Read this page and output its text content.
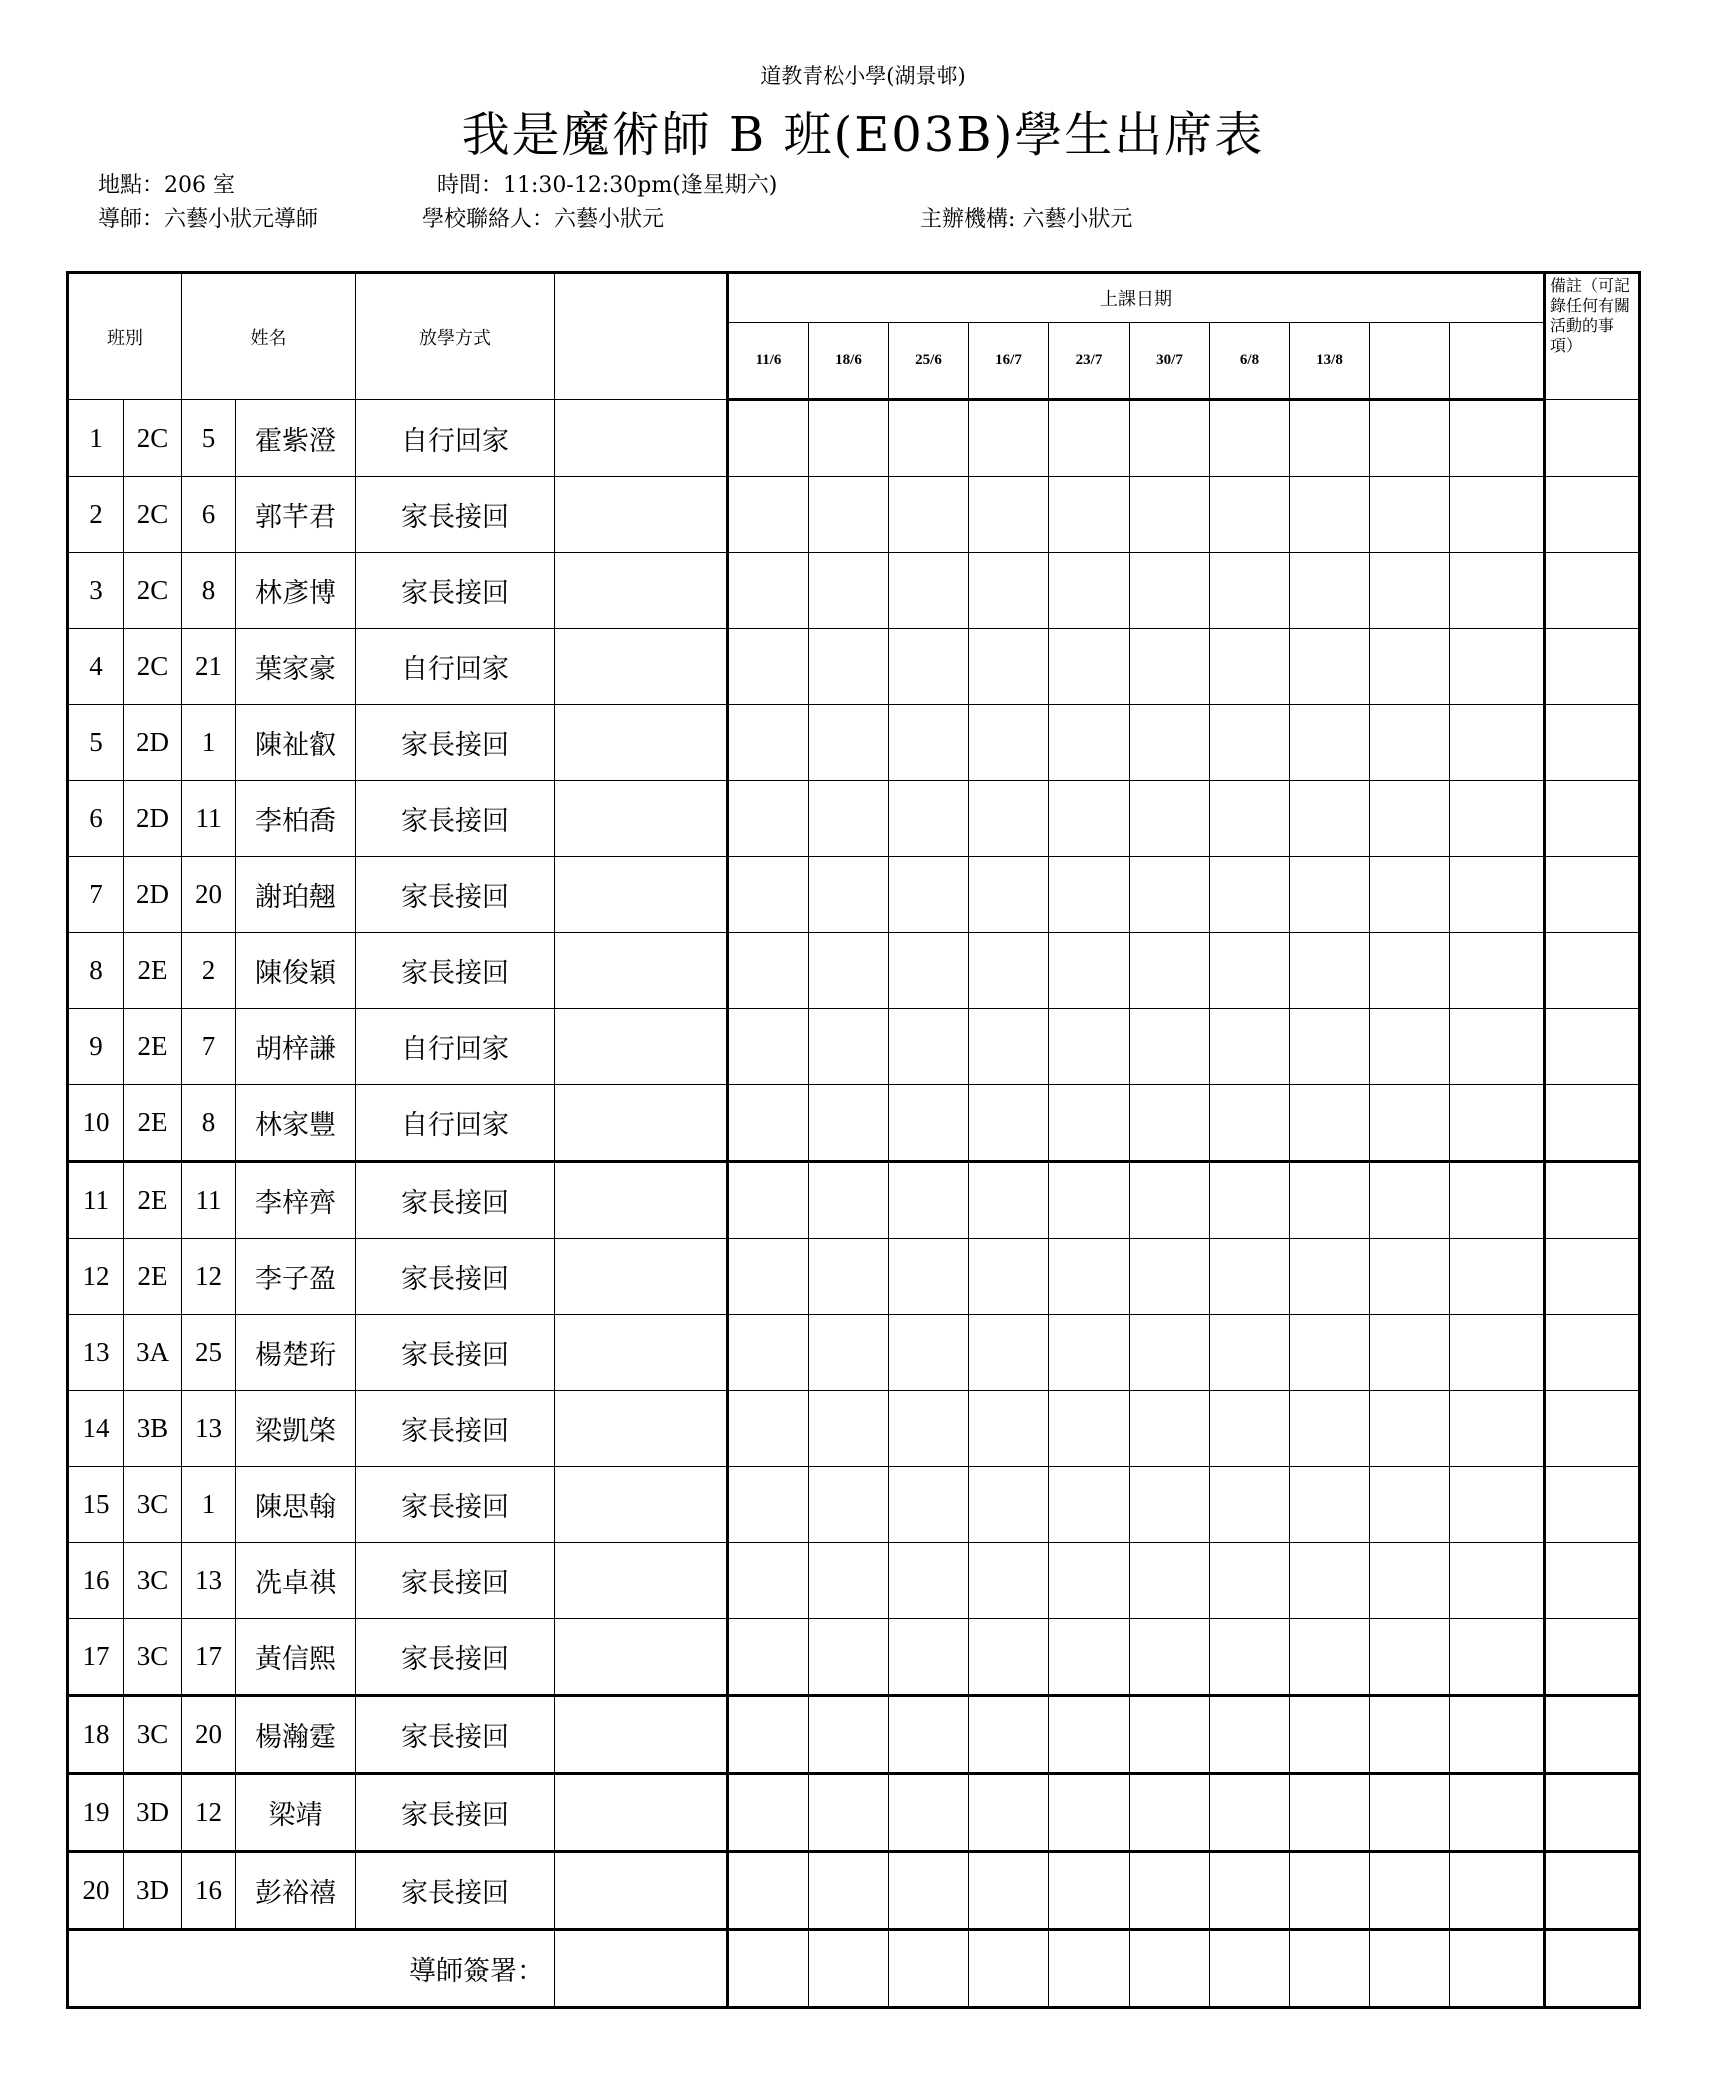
道教青松小學(湖景邨)
我是魔術師 B 班(E03B)學生出席表
地點：206 室	時間：11:30-12:30pm(逢星期六)
導師：六藝小狀元導師	學校聯絡人：六藝小狀元	主辦機構: 六藝小狀元
班別		姓名		放學方式		上課日期										備註（可記錄任何有關活動的事項）
						11/6	18/6	25/6	16/7	23/7	30/7	6/8	13/8			
1	2C	5	霍紫澄	自行回家												
2	2C	6	郭芊君	家長接回												
3	2C	8	林彥博	家長接回												
4	2C	21	葉家豪	自行回家												
5	2D	1	陳祉叡	家長接回												
6	2D	11	李柏喬	家長接回												
7	2D	20	謝珀翹	家長接回												
8	2E	2	陳俊穎	家長接回												
9	2E	7	胡梓謙	自行回家												
10	2E	8	林家豐	自行回家												
11	2E	11	李梓齊	家長接回												
12	2E	12	李子盈	家長接回												
13	3A	25	楊楚珩	家長接回												
14	3B	13	梁凱棨	家長接回												
15	3C	1	陳思翰	家長接回												
16	3C	13	冼卓祺	家長接回												
17	3C	17	黃信熙	家長接回												
18	3C	20	楊瀚霆	家長接回												
19	3D	12	梁靖	家長接回												
20	3D	16	彭裕禧	家長接回												
導師簽署：																
